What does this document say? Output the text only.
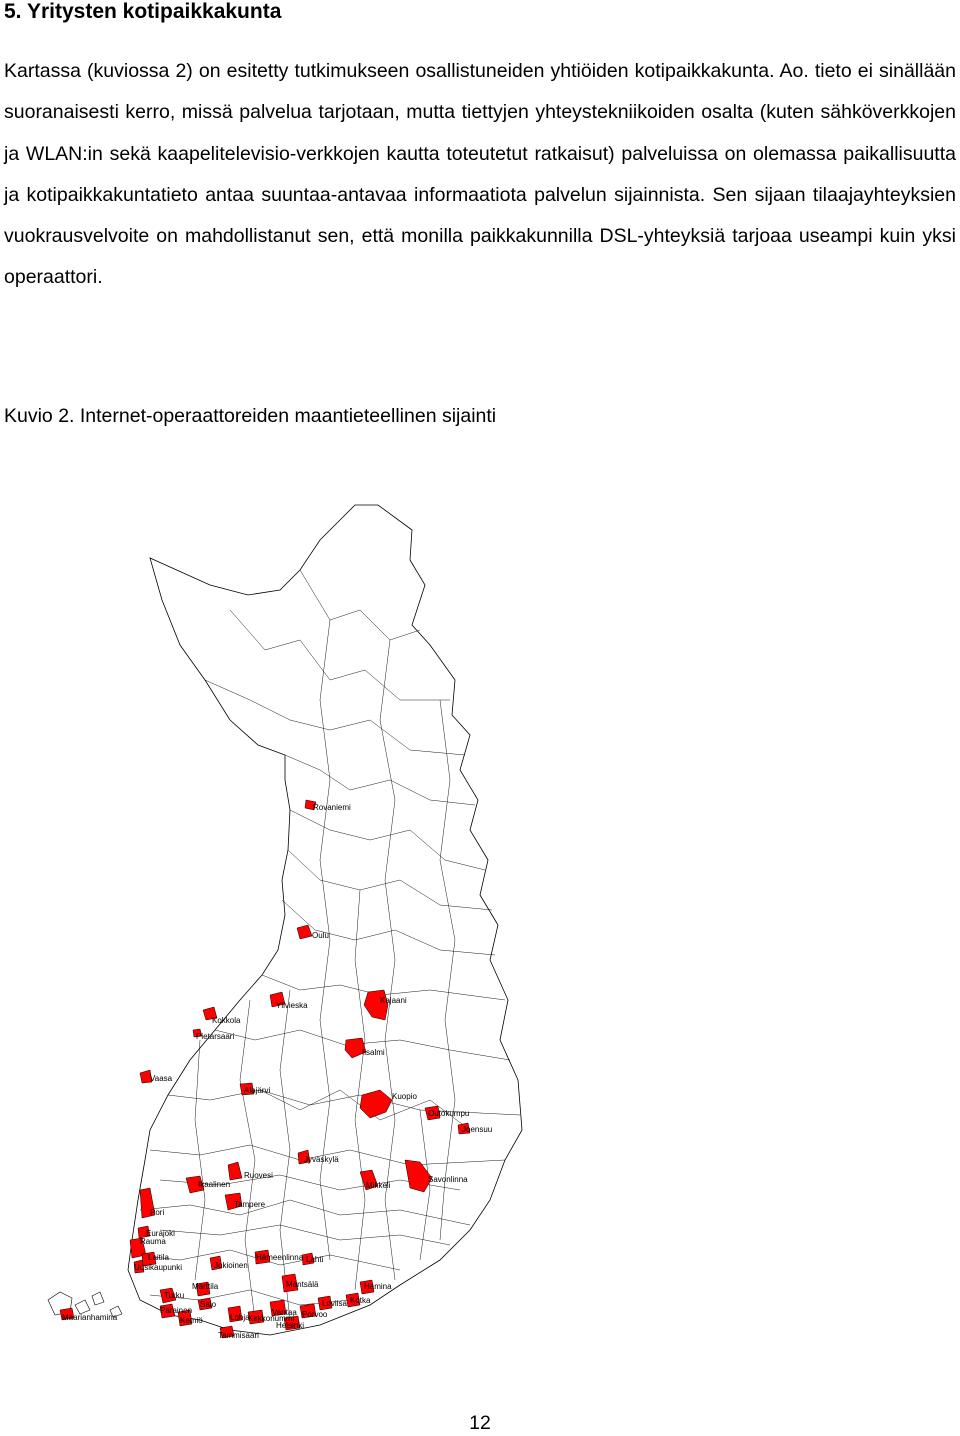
5. Yritysten kotipaikkakunta

Kartassa (kuviossa 2) on esitetty tutkimukseen osallistuneiden yhtiöiden kotipaikkakunta. Ao. tieto ei sinällään suoranaisesti kerro, missä palvelua tarjotaan, mutta tiettyjen yhteystekniikoiden osalta (kuten sähköverkkojen ja WLAN:in sekä kaapelitelevisio-verkkojen kautta toteutetut ratkaisut) palveluissa on olemassa paikallisuutta ja kotipaikkakuntatieto antaa suuntaa-antavaa informaatiota palvelun sijainnista. Sen sijaan tilaajayhteyksien vuokrausvelvoite on mahdollistanut sen, että monilla paikkakunnilla DSL-yhteyksiä tarjoaa useampi kuin yksi operaattori.

Kuvio 2. Internet-operaattoreiden maantieteellinen sijainti

Rovaniemi
Oulu
Ylivieska
Kajaani
Kokkola
Pietarsaari
Iisalmi
Vaasa
Alajärvi
Kuopio
Outokumpu
Joensuu
Jyväskylä
Ruovesi
Ikaalinen	Mikkeli
Savonlinna
Tampere
Pori
Eurajoki
Rauma
Hämeenlinna Lahti
Laitila
Jokioinen
Uusikaupunki
Mäntsälä	Hamina
Marttila
Turku
Kotka
Loviisa
Salo
Parainen	Vantaa Porvoo
Maarianhamina	Kemiö	Lohja
Kirkkonummi
Helsinki
Tammisaari
12
